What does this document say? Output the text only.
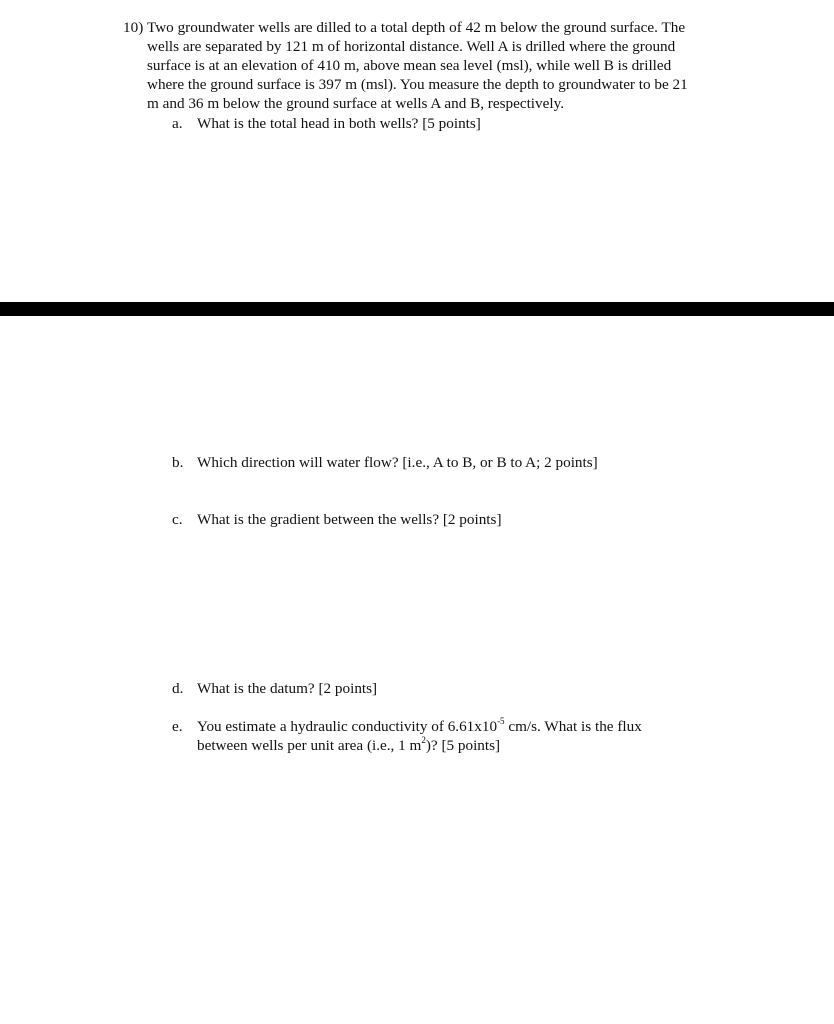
10) Two groundwater wells are dilled to a total depth of 42 m below the ground surface. The
wells are separated by 121 m of horizontal distance. Well A is drilled where the ground
surface is at an elevation of 410 m, above mean sea level (msl), while well B is drilled
where the ground surface is 397 m (msl). You measure the depth to groundwater to be 21
m and 36 m below the ground surface at wells A and B, respectively.
a. What is the total head in both wells? [5 points]
b. Which direction will water flow? [i.e., A to B, or B to A; 2 points]
c. What is the gradient between the wells? [2 points]
d. What is the datum? [2 points]
e. You estimate a hydraulic conductivity of $6.61x10^{-5}$ cm/s. What is the flux
between wells per unit area (i.e., 1 $m^2$)? [5 points]
